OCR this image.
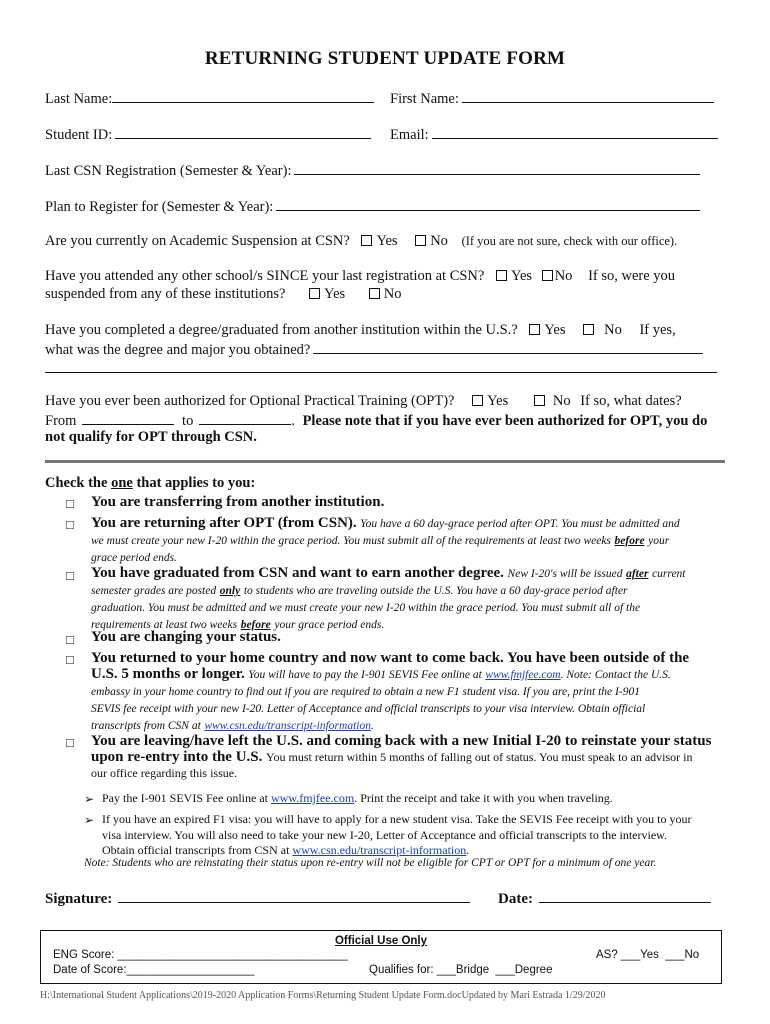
RETURNING STUDENT UPDATE FORM
Last Name:	First Name:
Student ID:	Email:
Last CSN Registration (Semester & Year):
Plan to Register for (Semester & Year):
Are you currently on Academic Suspension at CSN? Yes No (If you are not sure, check with our office).
Have you attended any other school/s SINCE your last registration at CSN? Yes No If so, were you
suspended from any of these institutions?	Yes	No
Have you completed a degree/graduated from another institution within the U.S.? Yes	No If yes,
what was the degree and major you obtained?
Have you ever been authorized for Optional Practical Training (OPT)? Yes	No If so, what dates?
From	to	. Please note that if you have ever been authorized for OPT, you do
not qualify for OPT through CSN.
Check the one that applies to you:
□ You are transferring from another institution.
□ You are returning after OPT (from CSN). You have a 60 day-grace period after OPT. You must be admitted and
we must create your new I-20 within the grace period. You must submit all of the requirements at least two weeks before your
grace period ends.
□ You have graduated from CSN and want to earn another degree. New I-20's will be issued after current
semester grades are posted only to students who are traveling outside the U.S. You have a 60 day-grace period after
graduation. You must be admitted and we must create your new I-20 within the grace period. You must submit all of the
requirements at least two weeks before your grace period ends.
□ You are changing your status.
□ You returned to your home country and now want to come back. You have been outside of the
U.S. 5 months or longer. You will have to pay the I-901 SEVIS Fee online at www.fmjfee.com. Note: Contact the U.S.
embassy in your home country to find out if you are required to obtain a new F1 student visa. If you are, print the I-901
SEVIS fee receipt with your new I-20. Letter of Acceptance and official transcripts to your visa interview. Obtain official
transcripts from CSN at www.csn.edu/transcript-information.
□ You are leaving/have left the U.S. and coming back with a new Initial I-20 to reinstate your status
upon re-entry into the U.S. You must return within 5 months of falling out of status. You must speak to an advisor in
our office regarding this issue.
➢ Pay the I-901 SEVIS Fee online at www.fmjfee.com. Print the receipt and take it with you when traveling.
➢ If you have an expired F1 visa: you will have to apply for a new student visa. Take the SEVIS Fee receipt with you to your
visa interview. You will also need to take your new I-20, Letter of Acceptance and official transcripts to the interview.
Obtain official transcripts from CSN at www.csn.edu/transcript-information.
Note: Students who are reinstating their status upon re-entry will not be eligible for CPT or OPT for a minimum of one year.
Signature:	Date:
Official Use Only
ENG Score: ____________________________________
Date of Score:____________________	Qualifies for: ___Bridge  ___Degree
AS? ___Yes  ___No
H:\International Student Applications\2019-2020 Application Forms\Returning Student Update Form.docUpdated by Mari Estrada 1/29/2020
